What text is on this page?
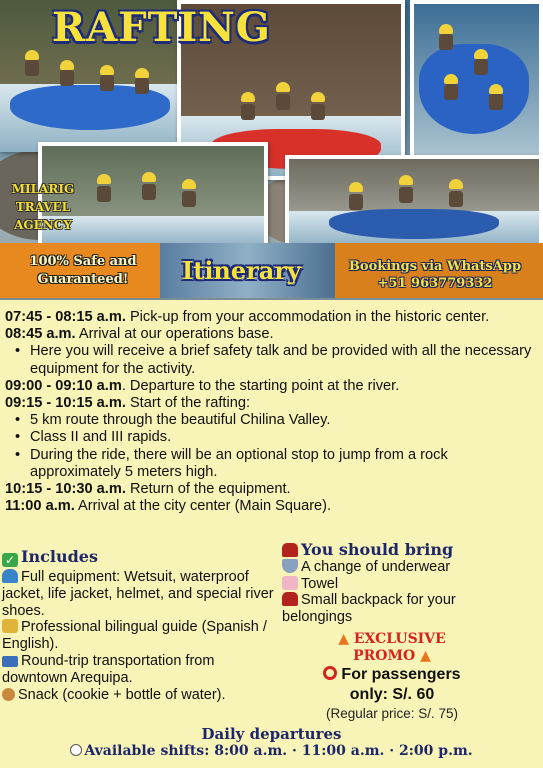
RAFTING
MILARIG
TRAVEL
AGENCY
100% Safe and
Guaranteed!	Itinerary	Bookings via WhatsApp
+51 963779332
07:45 - 08:15 a.m. Pick-up from your accommodation in the historic center.
08:45 a.m. Arrival at our operations base.
• Here you will receive a brief safety talk and be provided with all the necessary equipment for the activity.
09:00 - 09:10 a.m. Departure to the starting point at the river.
09:15 - 10:15 a.m. Start of the rafting:
• 5 km route through the beautiful Chilina Valley.
• Class II and III rapids.
• During the ride, there will be an optional stop to jump from a rock approximately 5 meters high.
10:15 - 10:30 a.m. Return of the equipment.
11:00 a.m. Arrival at the city center (Main Square).
✓ Includes
Full equipment: Wetsuit, waterproof jacket, life jacket, helmet, and special river shoes.
Professional bilingual guide (Spanish / English).
Round-trip transportation from downtown Arequipa.
Snack (cookie + bottle of water).
You should bring
A change of underwear
Towel
Small backpack for your belongings
▲ EXCLUSIVE
PROMO ▲
For passengers
only: S/. 60
(Regular price: S/. 75)
Daily departures
Available shifts: 8:00 a.m. · 11:00 a.m. · 2:00 p.m.
